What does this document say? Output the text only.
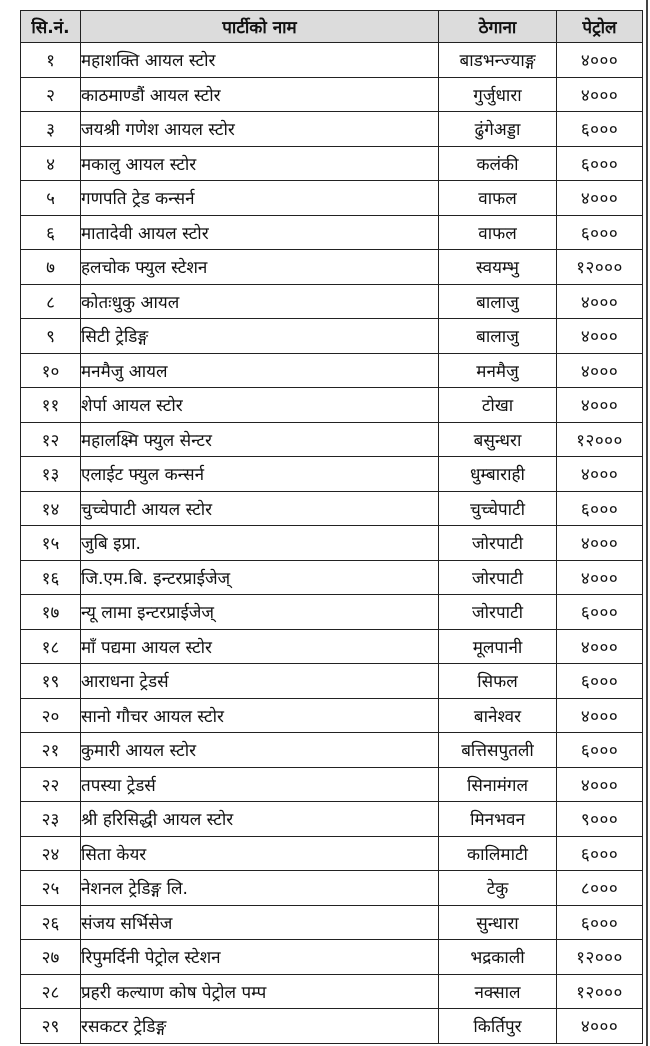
सि.नं.	पार्टीको नाम	ठेगाना	पेट्रोल
१	महाशक्ति आयल स्टोर	बाडभन्ज्याङ्ग	४०००
२	काठमाण्डौं आयल स्टोर	गुर्जुधारा	४०००
३	जयश्री गणेश आयल स्टोर	ढुंगेअड्डा	६०००
४	मकालु आयल स्टोर	कलंकी	६०००
५	गणपति ट्रेड कन्सर्न	वाफल	४०००
६	मातादेवी आयल स्टोर	वाफल	६०००
७	हलचोक फ्युल स्टेशन	स्वयम्भु	१२०००
८	कोतःधुकु आयल	बालाजु	४०००
९	सिटी ट्रेडिङ्ग	बालाजु	४०००
१०	मनमैजु आयल	मनमैजु	४०००
११	शेर्पा आयल स्टोर	टोखा	४०००
१२	महालक्ष्मि फ्युल सेन्टर	बसुन्धरा	१२०००
१३	एलाईट फ्युल कन्सर्न	धुम्बाराही	४०००
१४	चुच्चेपाटी आयल स्टोर	चुच्चेपाटी	६०००
१५	जुबि इप्रा.	जोरपाटी	४०००
१६	जि.एम.बि. इन्टरप्राईजेज्	जोरपाटी	४०००
१७	न्यू लामा इन्टरप्राईजेज्	जोरपाटी	६०००
१८	माँ पद्यमा आयल स्टोर	मूलपानी	४०००
१९	आराधना ट्रेडर्स	सिफल	६०००
२०	सानो गौचर आयल स्टोर	बानेश्वर	४०००
२१	कुमारी आयल स्टोर	बत्तिसपुतली	६०००
२२	तपस्या ट्रेडर्स	सिनामंगल	४०००
२३	श्री हरिसिद्धी आयल स्टोर	मिनभवन	९०००
२४	सिता केयर	कालिमाटी	६०००
२५	नेशनल ट्रेडिङ्ग लि.	टेकु	८०००
२६	संजय सर्भिसेज	सुन्धारा	६०००
२७	रिपुमर्दिनी पेट्रोल स्टेशन	भद्रकाली	१२०००
२८	प्रहरी कल्याण कोष पेट्रोल पम्प	नक्साल	१२०००
२९	रसकटर ट्रेडिङ्ग	किर्तिपुर	४०००
